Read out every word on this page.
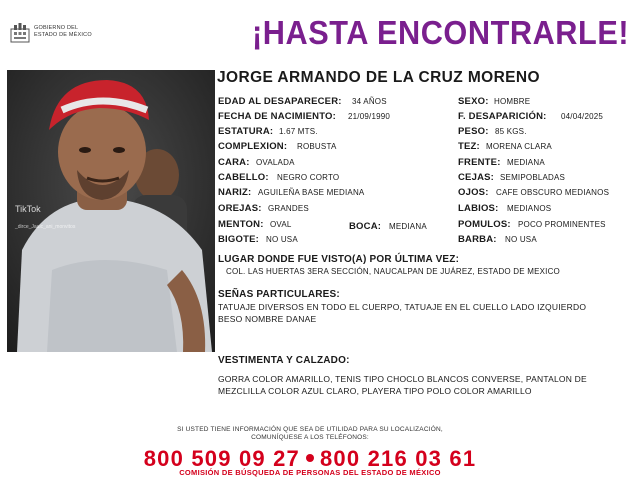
GOBIERNO DEL
ESTADO DE MÉXICO	¡HASTA ENCONTRARLE!
TikTok
_dirce_Jaaic_ani_monvitos
JORGE ARMANDO DE LA CRUZ MORENO
EDAD AL DESAPARECER: 34 AÑOS
FECHA DE NACIMIENTO: 21/09/1990
ESTATURA: 1.67 MTS.
COMPLEXION: ROBUSTA
CARA: OVALADA
CABELLO: NEGRO CORTO
NARIZ: AGUILEÑA BASE MEDIANA
OREJAS: GRANDES
MENTON: OVAL	BOCA: MEDIANA
BIGOTE: NO USA
SEXO: HOMBRE
F. DESAPARICIÓN: 04/04/2025
PESO: 85 KGS.
TEZ: MORENA CLARA
FRENTE: MEDIANA
CEJAS: SEMIPOBLADAS
OJOS: CAFE OBSCURO MEDIANOS
LABIOS: MEDIANOS
POMULOS: POCO PROMINENTES
BARBA: NO USA
LUGAR DONDE FUE VISTO(A) POR ÚLTIMA VEZ:
COL. LAS HUERTAS 3ERA SECCIÓN, NAUCALPAN DE JUÁREZ, ESTADO DE MEXICO
SEÑAS PARTICULARES:
TATUAJE DIVERSOS EN TODO EL CUERPO, TATUAJE EN EL CUELLO LADO IZQUIERDO
BESO NOMBRE DANAE
VESTIMENTA Y CALZADO:
GORRA COLOR AMARILLO, TENIS TIPO CHOCLO BLANCOS CONVERSE, PANTALON DE
MEZCLILLA COLOR AZUL CLARO, PLAYERA TIPO POLO COLOR AMARILLO
SI USTED TIENE INFORMACIÓN QUE SEA DE UTILIDAD PARA SU LOCALIZACIÓN,
COMUNÍQUESE A LOS TELÉFONOS:
800 509 09 27 800 216 03 61
COMISIÓN DE BÚSQUEDA DE PERSONAS DEL ESTADO DE MÉXICO
